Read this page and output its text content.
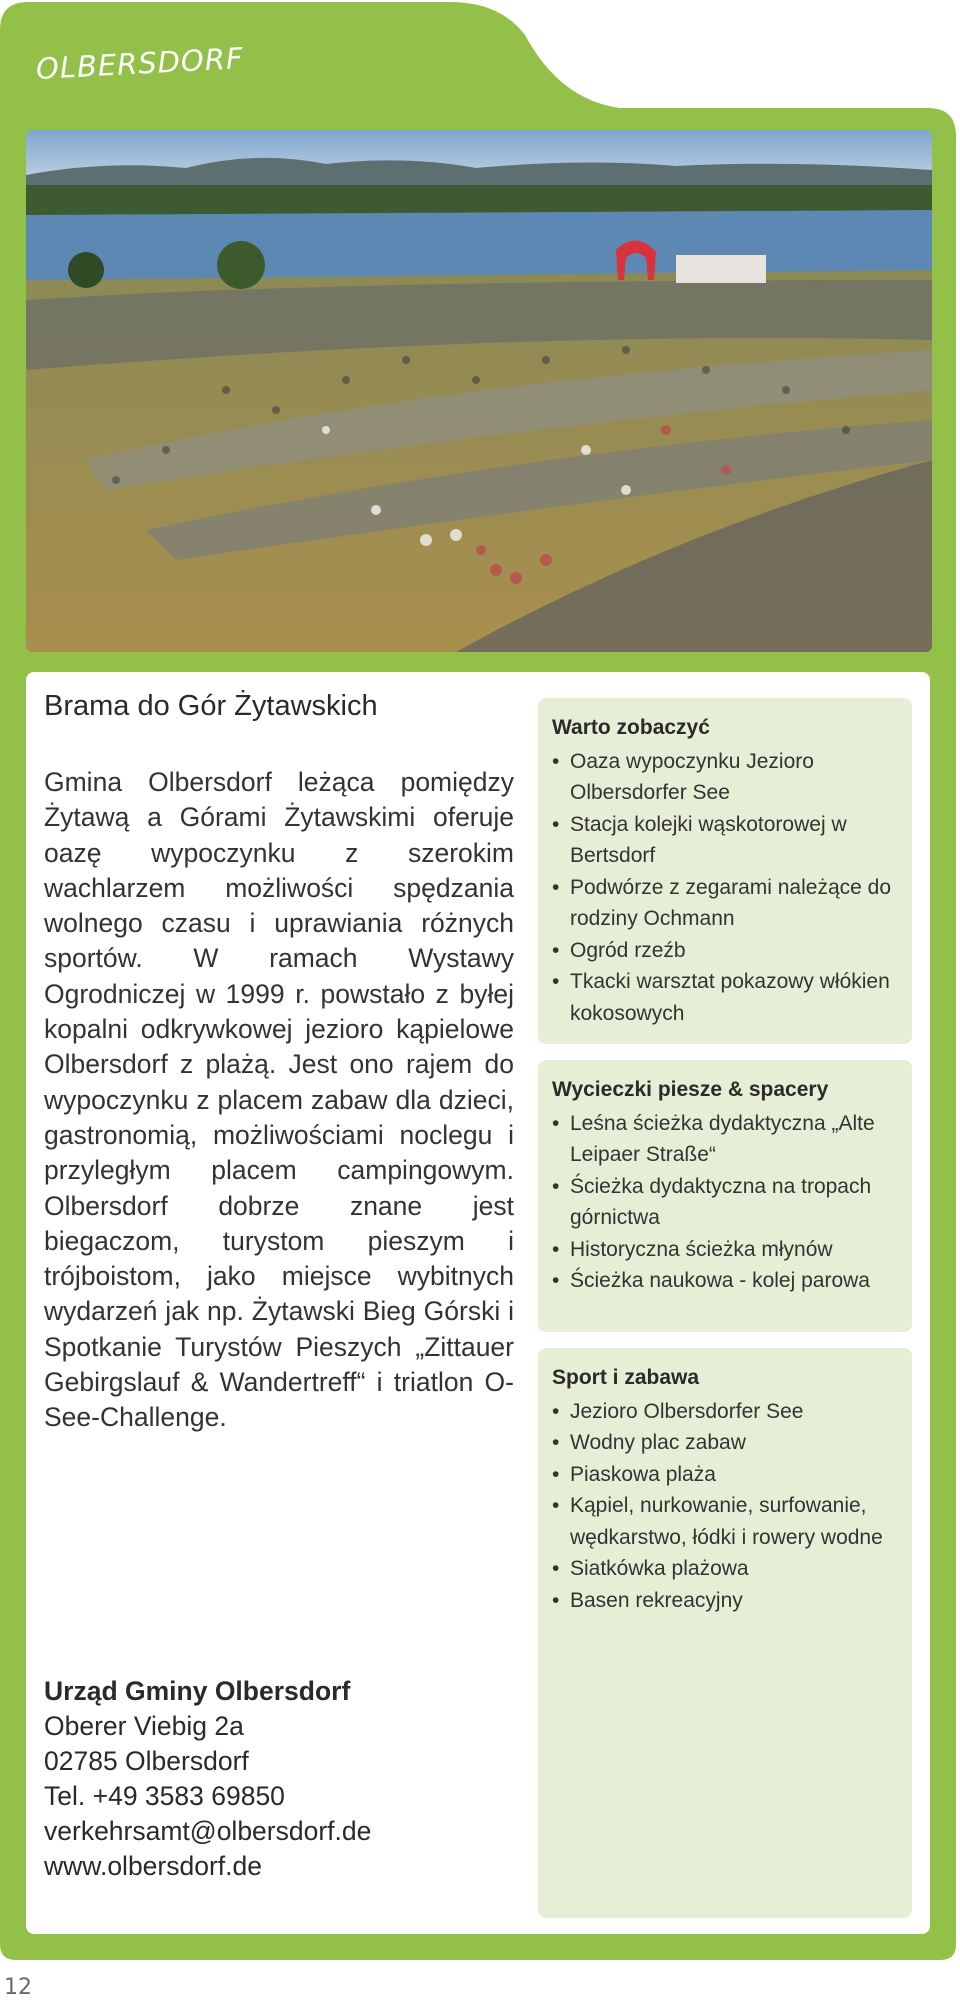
OLBERSDORF
Brama do Gór Żytawskich
Gmina Olbersdorf leżąca pomiędzy Żytawą a Górami Żytawskimi oferuje oazę wypoczynku z szerokim wachlarzem możliwości spędzania wolnego czasu i uprawiania różnych sportów. W ramach Wystawy Ogrodniczej w 1999 r. powstało z byłej kopalni odkrywkowej jezioro kąpielowe Olbersdorf z plażą. Jest ono rajem do wypoczynku z placem zabaw dla dzieci, gastronomią, możliwościami noclegu i przyległym placem campingowym. Olbersdorf dobrze znane jest biegaczom, turystom pieszym i trójboistom, jako miejsce wybitnych wydarzeń jak np. Żytawski Bieg Górski i Spotkanie Turystów Pieszych „Zittauer Gebirgslauf & Wandertreff“ i triatlon O-See-Challenge.
Urząd Gminy Olbersdorf
Oberer Viebig 2a
02785 Olbersdorf
Tel. +49 3583 69850
verkehrsamt@olbersdorf.de
www.olbersdorf.de
Warto zobaczyć
• Oaza wypoczynku Jezioro Olbersdorfer See
• Stacja kolejki wąskotorowej w Bertsdorf
• Podwórze z zegarami należące do rodziny Ochmann
• Ogród rzeźb
• Tkacki warsztat pokazowy włókien kokosowych
Wycieczki piesze & spacery
• Leśna ścieżka dydaktyczna „Alte Leipaer Straße“
• Ścieżka dydaktyczna na tropach górnictwa
• Historyczna ścieżka młynów
• Ścieżka naukowa - kolej parowa
Sport i zabawa
• Jezioro Olbersdorfer See
• Wodny plac zabaw
• Piaskowa plaża
• Kąpiel, nurkowanie, surfowanie, wędkarstwo, łódki i rowery wodne
• Siatkówka plażowa
• Basen rekreacyjny
12
